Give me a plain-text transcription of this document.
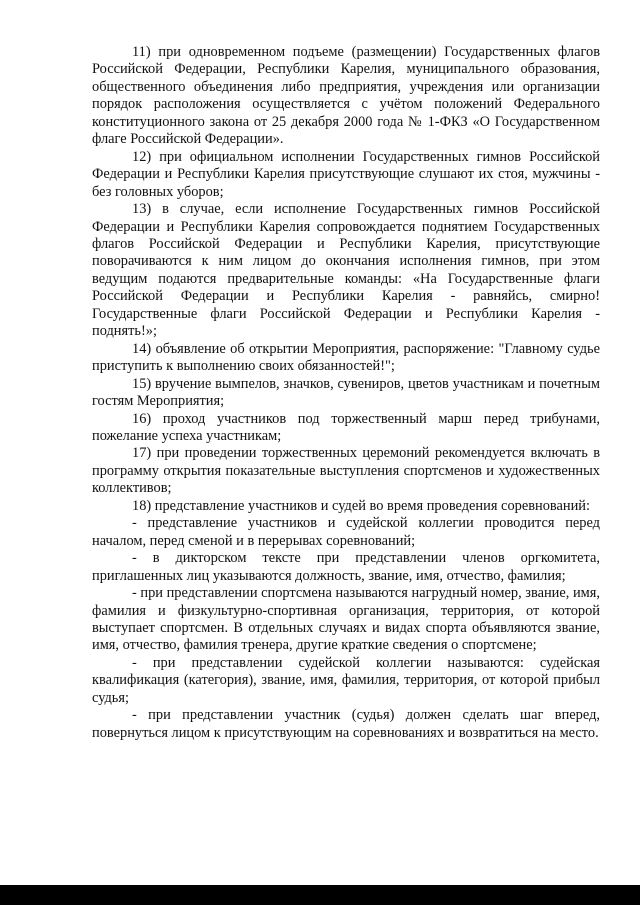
11) при одновременном подъеме (размещении) Государственных флагов Российской Федерации, Республики Карелия, муниципального образования, общественного объединения либо предприятия, учреждения или организации порядок расположения осуществляется с учётом положений Федерального конституционного закона от 25 декабря 2000 года № 1-ФКЗ «О Государственном флаге Российской Федерации».

12) при официальном исполнении Государственных гимнов Российской Федерации и Республики Карелия присутствующие слушают их стоя, мужчины - без головных уборов;

13) в случае, если исполнение Государственных гимнов Российской Федерации и Республики Карелия сопровождается поднятием Государственных флагов Российской Федерации и Республики Карелия, присутствующие поворачиваются к ним лицом до окончания исполнения гимнов, при этом ведущим подаются предварительные команды: «На Государственные флаги Российской Федерации и Республики Карелия - равняйсь, смирно! Государственные флаги Российской Федерации и Республики Карелия - поднять!»;

14) объявление об открытии Мероприятия, распоряжение: "Главному судье приступить к выполнению своих обязанностей!";

15) вручение вымпелов, значков, сувениров, цветов участникам и почетным гостям Мероприятия;

16) проход участников под торжественный марш перед трибунами, пожелание успеха участникам;

17) при проведении торжественных церемоний рекомендуется включать в программу открытия показательные выступления спортсменов и художественных коллективов;

18) представление участников и судей во время проведения соревнований:

- представление участников и судейской коллегии проводится перед началом, перед сменой и в перерывах соревнований;

- в дикторском тексте при представлении членов оргкомитета, приглашенных лиц указываются должность, звание, имя, отчество, фамилия;

- при представлении спортсмена называются нагрудный номер, звание, имя, фамилия и физкультурно-спортивная организация, территория, от которой выступает спортсмен. В отдельных случаях и видах спорта объявляются звание, имя, отчество, фамилия тренера, другие краткие сведения о спортсмене;

- при представлении судейской коллегии называются: судейская квалификация (категория), звание, имя, фамилия, территория, от которой прибыл судья;

- при представлении участник (судья) должен сделать шаг вперед, повернуться лицом к присутствующим на соревнованиях и возвратиться на место.
